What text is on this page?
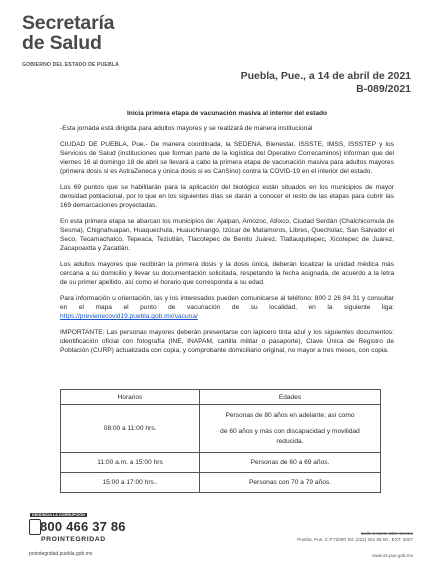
Secretaría
de Salud
GOBIERNO DEL ESTADO DE PUEBLA
Puebla, Pue., a 14 de abril de 2021
B-089/2021
Inicia primera etapa de vacunación masiva al interior del estado

-Esta jornada está dirigida para adultos mayores y se realizará de manera institucional

CIUDAD DE PUEBLA, Pue.- De manera coordinada, la SEDENA, Bienestar, ISSSTE, IMSS, ISSSTEP y los Servicios de Salud (instituciones que forman parte de la logística del Operativo Correcaminos) informan que del viernes 16 al domingo 18 de abril se llevará a cabo la primera etapa de vacunación masiva para adultos mayores (primera dosis si es AstraZeneca y única dosis si es CanSino) contra la COVID-19 en el interior del estado.

Los 69 puntos que se habilitarán para la aplicación del biológico están situados en los municipios de mayor densidad poblacional, por lo que en los siguientes días se darán a conocer el resto de las etapas para cubrir las 169 demarcaciones proyectadas.

En esta primera etapa se abarcan los municipios de: Ajalpan, Amozoc, Atlixco, Ciudad Serdán (Chalchicomula de Sesma), Chignahuapan, Huaquechula, Huauchinango, Izúcar de Matamoros, Libres, Quecholac, San Salvador el Seco, Tecamachalco, Tepeaca, Teziutlán, Tlacotepec de Benito Juárez, Tlatlauquitepec, Xicotepec de Juárez, Zacapoaxtla y Zacatlán.

Los adultos mayores que recibirán la primera dosis y la dosis única, deberán localizar la unidad médica más cercana a su domicilio y llevar su documentación solicitada, respetando la fecha asignada, de acuerdo a la letra de su primer apellido, así como el horario que corresponda a su edad.

Para información u orientación, las y los interesados pueden comunicarse al teléfono: 800 2 26 84 31 y consultar en el mapa el punto de vacunación de su localidad, en la siguiente liga: https://previenecovid19.puebla.gob.mx/vacuna/

IMPORTANTE: Las personas mayores deberán presentarse con lapicero tinta azul y los siguientes documentos: identificación oficial con fotografía (INE, INAPAM, cartilla militar o pasaporte), Clave Única de Registro de Población (CURP) actualizada con copia, y comprobante domiciliario original, no mayor a tres meses, con copia.

Horarios	Edades
08:00 a 11:00 hrs.	Personas de 80 años en adelante; así como
de 60 años y más con discapacidad y movilidad reducida.

11:00 a.m. a 15:00 hrs	Personas de 60 a 69 años.
15:00 a 17:00 hrs..	Personas con 70 a 79 años.
DENUNCIA LA CORRUPCIÓN
800 466 37 86
PROINTEGRIDAD
prointegridad.puebla.gob.mx
Calle 6 Norte 603, Centro
Puebla, Pue. C.P.72000 Tel. (222) 551 06 00 , EXT. 3007
www.ss.pue.gob.mx
